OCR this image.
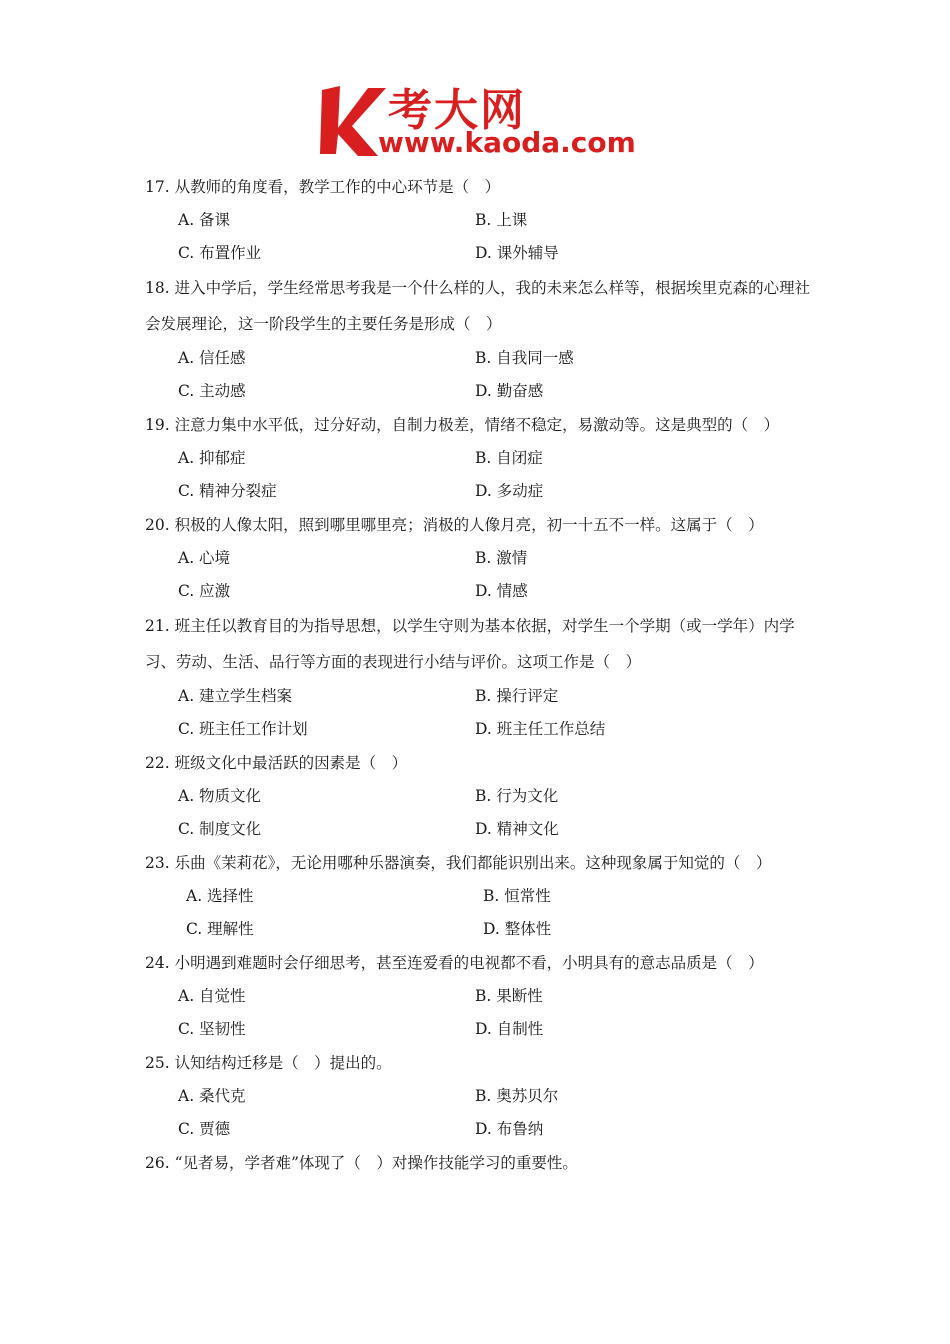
考大网
www.kaoda.com

17. 从教师的角度看，教学工作的中心环节是（　）

A. 备课	B. 上课
C. 布置作业	D. 课外辅导

18. 进入中学后，学生经常思考我是一个什么样的人，我的未来怎么样等，根据埃里克森的心理社会发展理论，这一阶段学生的主要任务是形成（　）

A. 信任感	B. 自我同一感
C. 主动感	D. 勤奋感

19. 注意力集中水平低，过分好动，自制力极差，情绪不稳定，易激动等。这是典型的（　）

A. 抑郁症	B. 自闭症
C. 精神分裂症	D. 多动症

20. 积极的人像太阳，照到哪里哪里亮；消极的人像月亮，初一十五不一样。这属于（　）

A. 心境	B. 激情
C. 应激	D. 情感

21. 班主任以教育目的为指导思想，以学生守则为基本依据，对学生一个学期（或一学年）内学习、劳动、生活、品行等方面的表现进行小结与评价。这项工作是（　）

A. 建立学生档案	B. 操行评定
C. 班主任工作计划	D. 班主任工作总结

22. 班级文化中最活跃的因素是（　）

A. 物质文化	B. 行为文化
C. 制度文化	D. 精神文化

23. 乐曲《茉莉花》，无论用哪种乐器演奏，我们都能识别出来。这种现象属于知觉的（　）

A. 选择性	B. 恒常性
C. 理解性	D. 整体性

24. 小明遇到难题时会仔细思考，甚至连爱看的电视都不看，小明具有的意志品质是（　）

A. 自觉性	B. 果断性
C. 坚韧性	D. 自制性

25. 认知结构迁移是（　）提出的。

A. 桑代克	B. 奥苏贝尔
C. 贾德	D. 布鲁纳

26. “见者易，学者难”体现了（　）对操作技能学习的重要性。
